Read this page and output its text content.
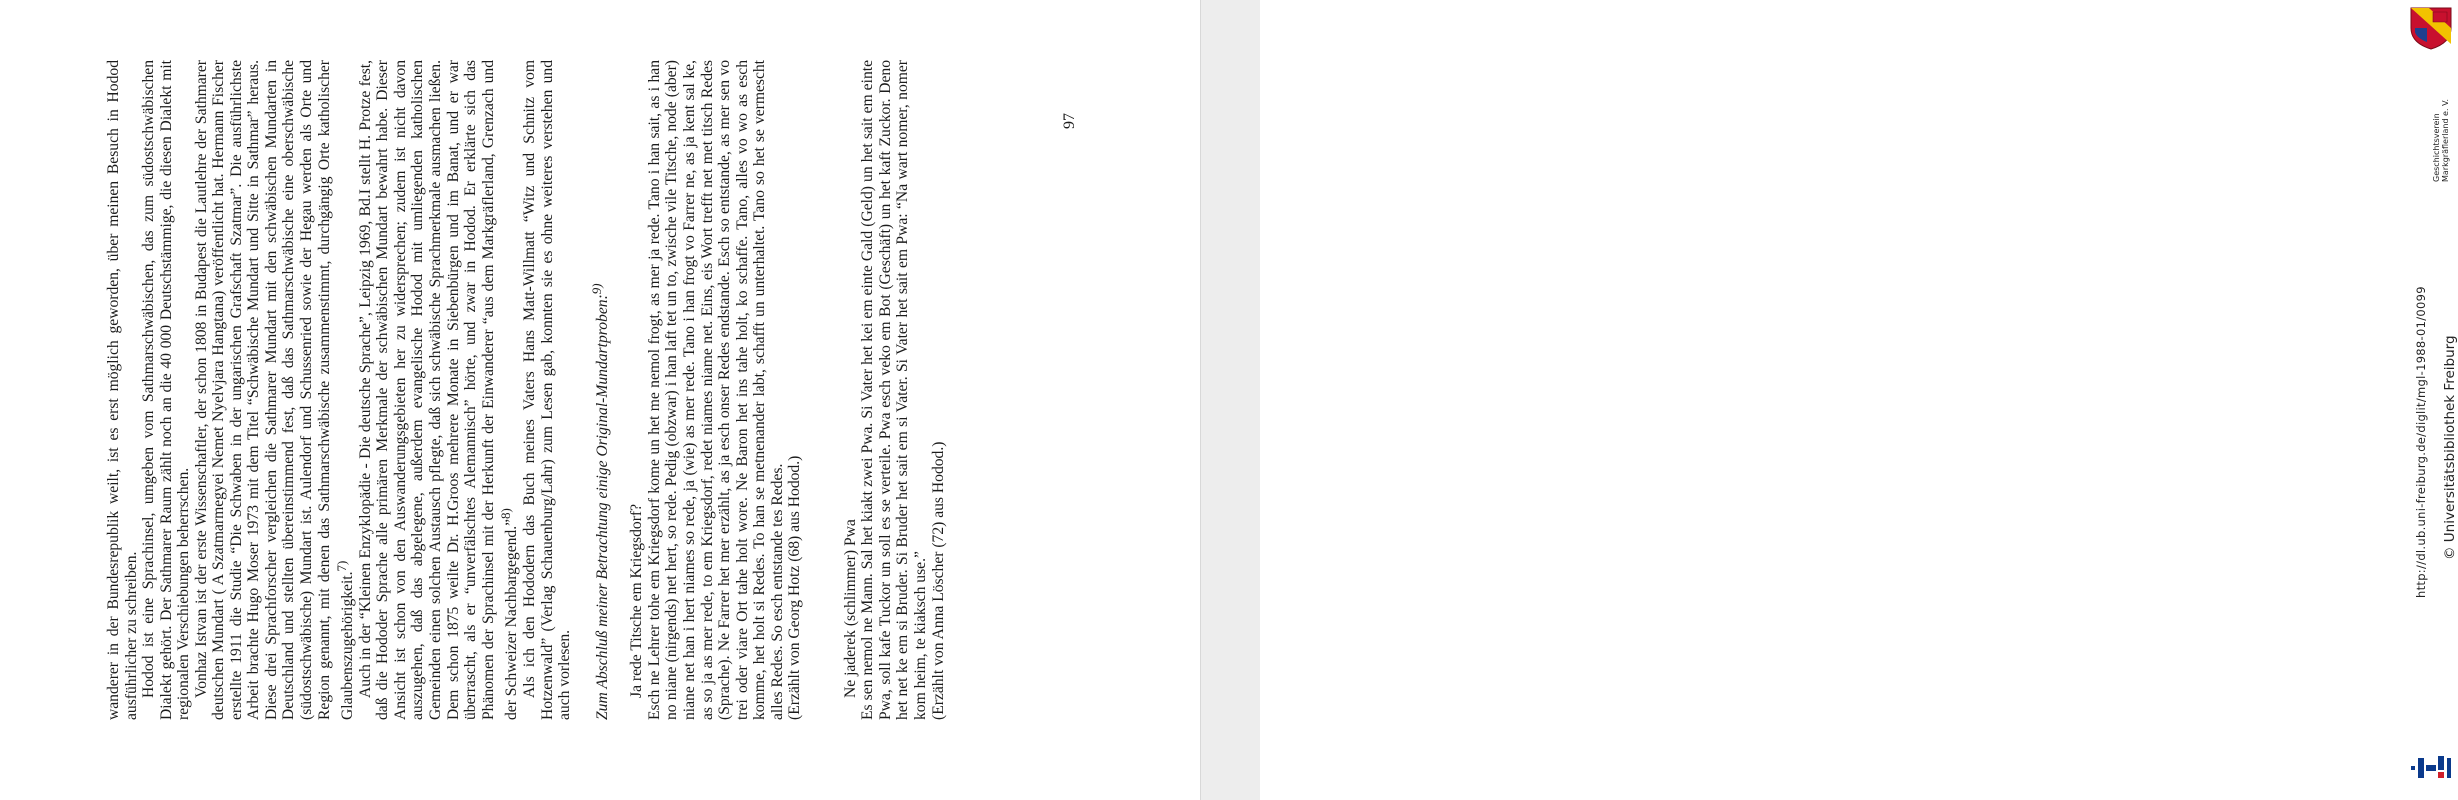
wanderer in der Bundesrepublik weilt, ist es erst möglich geworden, über meinen Besuch in Hodod ausführlicher zu schreiben. Hodod ist eine Sprachinsel, umgeben vom Sathmarschwäbischen, das zum südostschwäbischen Dialekt gehört. Der Sathmarer Raum zählt noch an die 40 000 Deutschstämmige, die diesen Dialekt mit regionalen Verschiebungen beherrschen. Vonhaz Istvan ist der erste Wissenschaftler, der schon 1808 in Budapest die Lautlehre der Sathmarer deutschen Mundart ( A Szatmarmegyei Nemet Nyelvjara Hangtana) veröffentlicht hat. Hermann Fischer erstellte 1911 die Studie “Die Schwaben in der ungarischen Grafschaft Szatmar”. Die ausführlichste Arbeit brachte Hugo Moser 1973 mit dem Titel “Schwäbische Mundart und Sitte in Sathmar” heraus. Diese drei Sprachforscher vergleichen die Sathmarer Mundart mit den schwäbischen Mundarten in Deutschland und stellten übereinstimmend fest, daß das Sathmarschwäbische eine oberschwäbische (südostschwäbische) Mundart ist. Aulendorf und Schussenried sowie der Hegau werden als Orte und Region genannt, mit denen das Sathmarschwäbische zusammenstimmt, durchgängig Orte katholischer Glaubenszugehörigkeit.$^{7)}$ Auch in der “Kleinen Enzyklopädie - Die deutsche Sprache”, Leipzig 1969, Bd.I stellt H. Protze fest, daß die Hododer Sprache alle primären Merkmale der schwäbischen Mundart bewahrt habe. Dieser Ansicht ist schon von den Auswanderungsgebieten her zu widersprechen; zudem ist nicht davon auszugehen, daß das abgelegene, außerdem evangelische Hodod mit umliegenden katholischen Gemeinden einen solchen Austausch pflegte, daß sich schwäbische Sprachmerkmale ausmachen ließen. Dem schon 1875 weilte Dr. H.Groos mehrere Monate in Siebenbürgen und im Banat, und er war überrascht, als er “unverfälschtes Alemannisch” hörte, und zwar in Hodod. Er erklärte sich das Phänomen der Sprachinsel mit der Herkunft der Einwanderer “aus dem Markgräflerland, Grenzach und der Schweizer Nachbargegend.”$^{8)}$ Als ich den Hododern das Buch meines Vaters Hans Matt-Willmatt “Witz und Schnitz vom Hotzenwald” (Verlag Schauenburg/Lahr) zum Lesen gab, konnten sie es ohne weiteres verstehen und auch vorlesen.	Zum Abschluß meiner Betrachtung einige Original-Mundartproben:$^{9)}$

Ja rede Titsche em Kriegsdorf? Esch ne Lehrer tohe em Kriegsdorf kome un het me nemol frogt, as mer ja rede. Tano i han sait, as i han no niane (nirgends) net hert, so rede. Pedig (obzwar) i han laft tet un to, zwische vile Titsche, node (aber) niane net han i hert niames so rede, ja (wie) as mer rede. Tano i han frogt vo Farrer ne, as ja kent sal ke, as so ja as mer rede, to em Kriegsdorf, redet niames niame net. Eins, eis Wort trefft net met titsch Redes (Sprache). Ne Farrer het mer erzählt, as ja esch onser Redes endstande. Esch so entstande, as mer sen vo trei oder viare Ort tahe holt wore. Ne Baron het ins tahe holt, ko schaffe. Tano, alles vo wo as esch komme, het holt si Redes. To han se metnenander labt, schafft un unterhaltet. Tano so het se vermescht alles Redes. So esch entstande tes Redes. (Erzählt von Georg Hotz (68) aus Hodod.) Ne jaderek (schlimmer) Pwa Es sen nemol ne Mann. Sal het kiakt zwei Pwa. Si Vater het kei em einte Gald (Geld) un het sait em einte Pwa, soll kafe Tuckor un soll es se verteile. Pwa esch veko em Bot (Geschäft) un het kaft Zuckor. Deno het net ke em si Bruder. Si Bruder het sait em si Vater. Si Vater het sait em Pwa: “Na wart nomer, nomer kom heim, te kiaksch use.” (Erzählt von Anna Löscher (72) aus Hodod.)

97	Geschichtsverein Markgräflerland e. V.
http://dl.ub.uni-freiburg.de/diglit/mgl-1988-01/0099 © Universitätsbibliothek Freiburg
